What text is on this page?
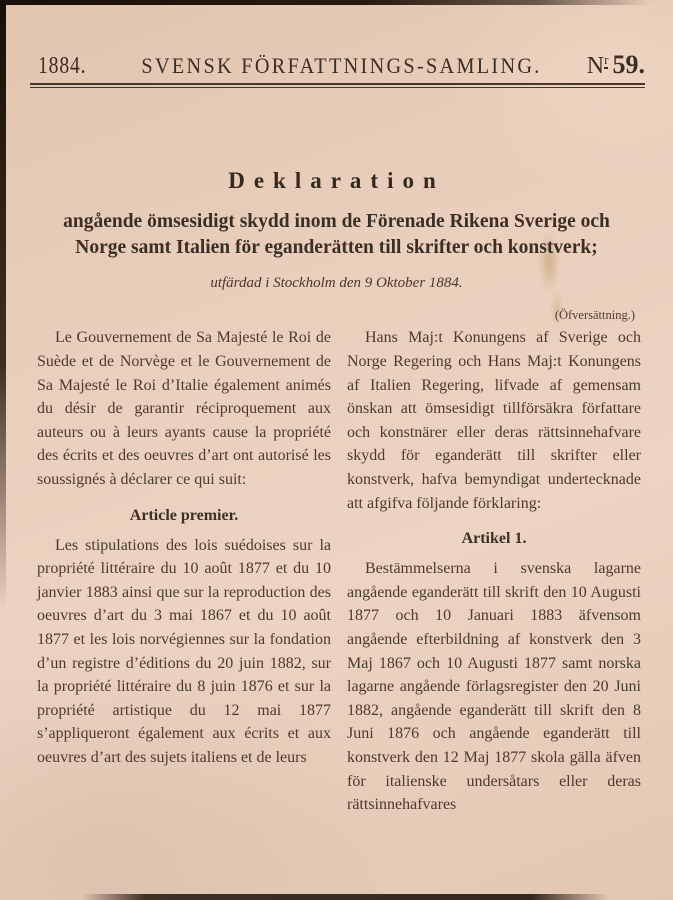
1884.	SVENSK FÖRFATTNINGS-SAMLING. $N^r$ 59.
Deklaration
angående ömsesidigt skydd inom de Förenade Rikena Sverige och Norge samt Italien för eganderätten till skrifter och konstverk;
utfärdad i Stockholm den 9 Oktober 1884.

Le Gouvernement de Sa Majesté le Roi de Suède et de Norvège et le Gouvernement de Sa Majesté le Roi d’Italie également animés du désir de garantir réciproquement aux auteurs ou à leurs ayants cause la propriété des écrits et des oeuvres d’art ont autorisé les soussignés à déclarer ce qui suit:

Article premier.

Les stipulations des lois suédoises sur la propriété littéraire du 10 août 1877 et du 10 janvier 1883 ainsi que sur la reproduction des oeuvres d’art du 3 mai 1867 et du 10 août 1877 et les lois norvégiennes sur la fondation d’un registre d’éditions du 20 juin 1882, sur la propriété littéraire du 8 juin 1876 et sur la propriété artistique du 12 mai 1877 s’appliqueront également aux écrits et aux oeuvres d’art des sujets italiens et de leurs

(Öfversättning.)

Hans Maj:t Konungens af Sverige och Norge Regering och Hans Maj:t Konungens af Italien Regering, lifvade af gemensam önskan att ömsesidigt tillförsäkra författare och konstnärer eller deras rättsinnehafvare skydd för eganderätt till skrifter eller konstverk, hafva bemyndigat undertecknade att afgifva följande förklaring:

Artikel 1.

Bestämmelserna i svenska lagarne angående eganderätt till skrift den 10 Augusti 1877 och 10 Januari 1883 äfvensom angående efterbildning af konstverk den 3 Maj 1867 och 10 Augusti 1877 samt norska lagarne angående förlagsregister den 20 Juni 1882, angående eganderätt till skrift den 8 Juni 1876 och angående eganderätt till konstverk den 12 Maj 1877 skola gälla äfven för italienske undersåtars eller deras rättsinnehafvares
